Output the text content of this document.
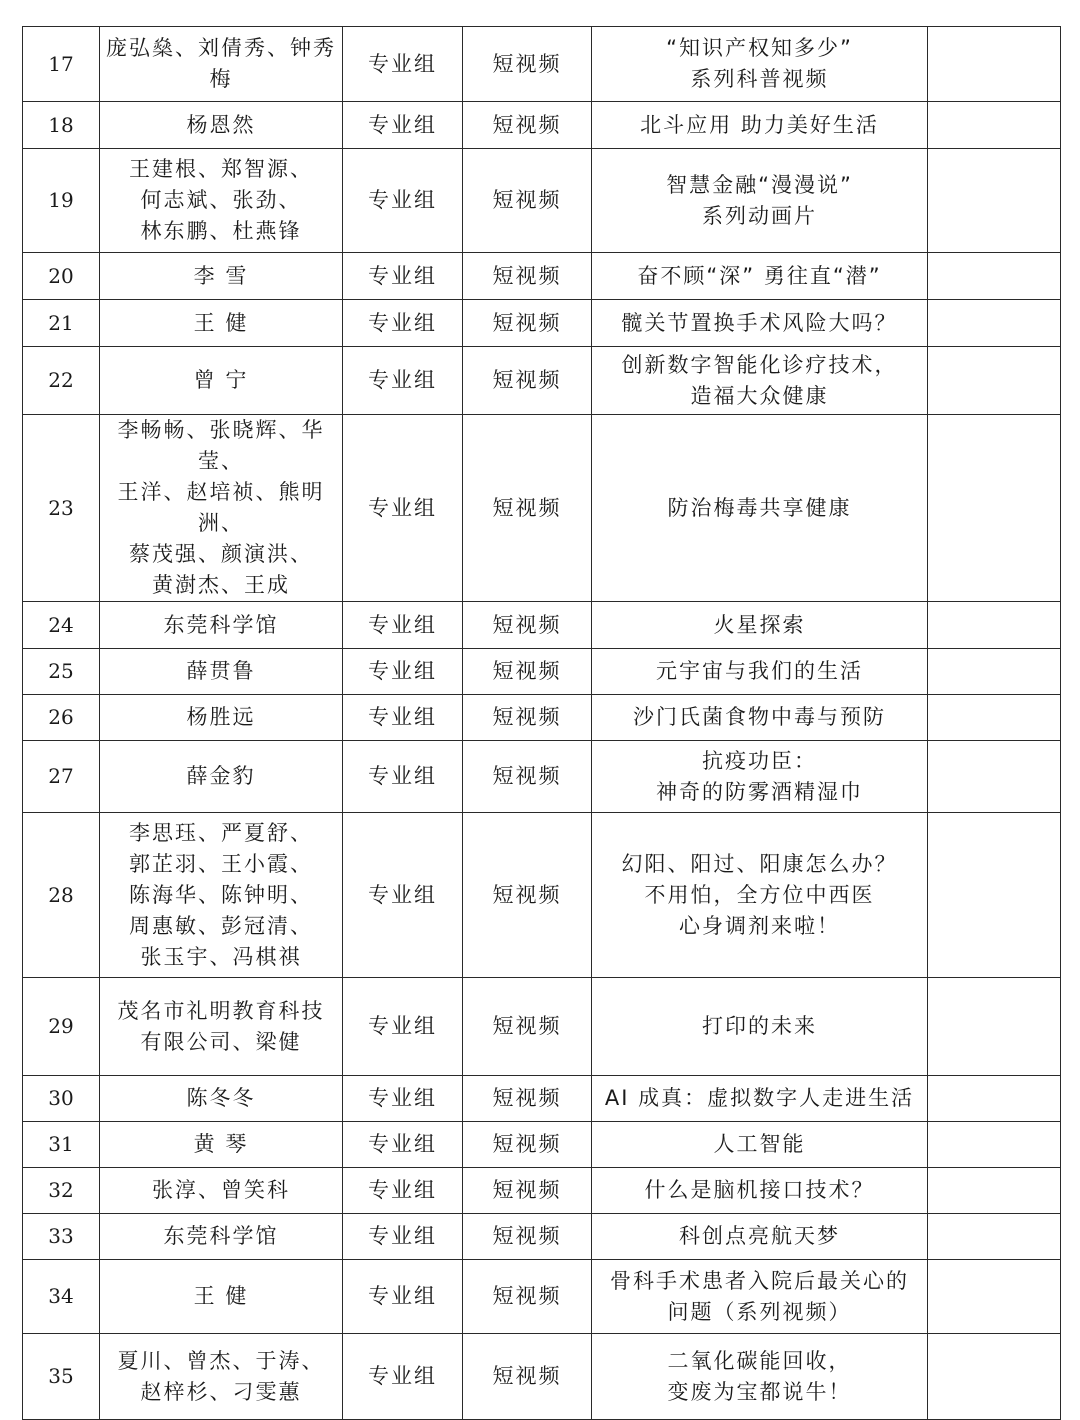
17	庞弘燊、刘倩秀、钟秀梅	专业组	短视频	“知识产权知多少”
系列科普视频	
18	杨恩然	专业组	短视频	北斗应用 助力美好生活	
19	王建根、郑智源、
何志斌、张劲、
林东鹏、杜燕锋	专业组	短视频	智慧金融“漫漫说”
系列动画片	
20	李 雪	专业组	短视频	奋不顾“深” 勇往直“潜”	
21	王 健	专业组	短视频	髋关节置换手术风险大吗？	
22	曾 宁	专业组	短视频	创新数字智能化诊疗技术，
造福大众健康	
23	李畅畅、张晓辉、华莹、
王洋、赵培祯、熊明洲、
蔡茂强、颜演洪、
黄澍杰、王成	专业组	短视频	防治梅毒共享健康	
24	东莞科学馆	专业组	短视频	火星探索	
25	薛贯鲁	专业组	短视频	元宇宙与我们的生活	
26	杨胜远	专业组	短视频	沙门氏菌食物中毒与预防	
27	薛金豹	专业组	短视频	抗疫功臣：
神奇的防雾酒精湿巾	
28	李思珏、严夏舒、
郭芷羽、王小霞、
陈海华、陈钟明、
周惠敏、彭冠清、
张玉宇、冯棋祺	专业组	短视频	幻阳、阳过、阳康怎么办？
不用怕，全方位中西医
心身调剂来啦！	
29	茂名市礼明教育科技
有限公司、梁健	专业组	短视频	打印的未来	
30	陈冬冬	专业组	短视频	AI 成真：虚拟数字人走进生活	
31	黄 琴	专业组	短视频	人工智能	
32	张淳、曾笑科	专业组	短视频	什么是脑机接口技术？	
33	东莞科学馆	专业组	短视频	科创点亮航天梦	
34	王 健	专业组	短视频	骨科手术患者入院后最关心的
问题（系列视频）	
35	夏川、曾杰、于涛、
赵梓杉、刁雯蕙	专业组	短视频	二氧化碳能回收，
变废为宝都说牛！	
